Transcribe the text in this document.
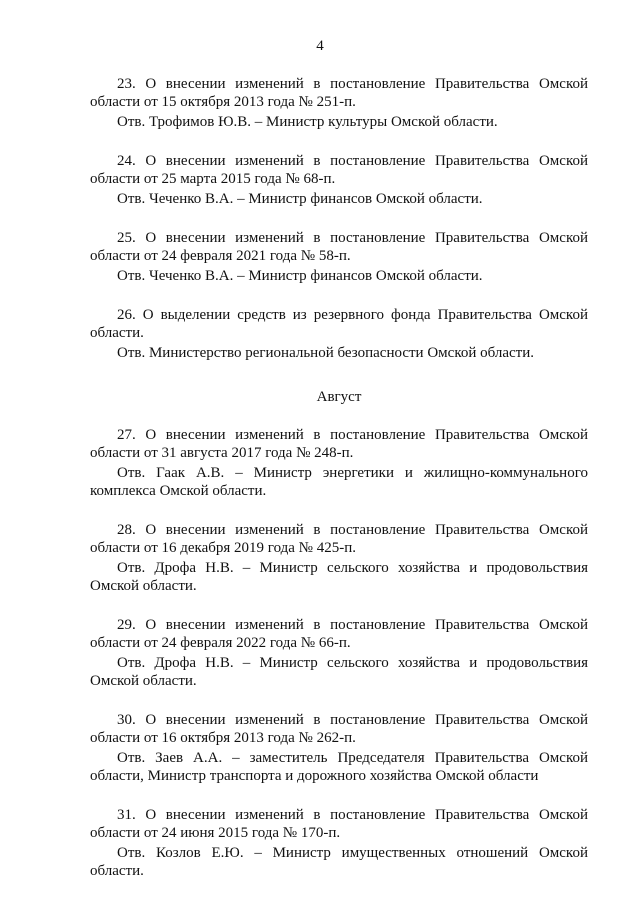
4
23. О внесении изменений в постановление Правительства Омской
области от 15 октября 2013 года № 251-п.
Отв. Трофимов Ю.В. – Министр культуры Омской области.
24. О внесении изменений в постановление Правительства Омской
области от 25 марта 2015 года № 68-п.
Отв. Чеченко В.А. – Министр финансов Омской области.
25. О внесении изменений в постановление Правительства Омской
области от 24 февраля 2021 года № 58-п.
Отв. Чеченко В.А. – Министр финансов Омской области.
26. О выделении средств из резервного фонда Правительства Омской
области.
Отв. Министерство региональной безопасности Омской области.
Август
27. О внесении изменений в постановление Правительства Омской
области от 31 августа 2017 года № 248-п.
Отв. Гаак А.В. – Министр энергетики и жилищно-коммунального
комплекса Омской области.
28. О внесении изменений в постановление Правительства Омской
области от 16 декабря 2019 года № 425-п.
Отв. Дрофа Н.В. – Министр сельского хозяйства и продовольствия
Омской области.
29. О внесении изменений в постановление Правительства Омской
области от 24 февраля 2022 года № 66-п.
Отв. Дрофа Н.В. – Министр сельского хозяйства и продовольствия
Омской области.
30. О внесении изменений в постановление Правительства Омской
области от 16 октября 2013 года № 262-п.
Отв. Заев А.А. – заместитель Председателя Правительства Омской
области, Министр транспорта и дорожного хозяйства Омской области
31. О внесении изменений в постановление Правительства Омской
области от 24 июня 2015 года № 170-п.
Отв. Козлов Е.Ю. – Министр имущественных отношений Омской
области.
